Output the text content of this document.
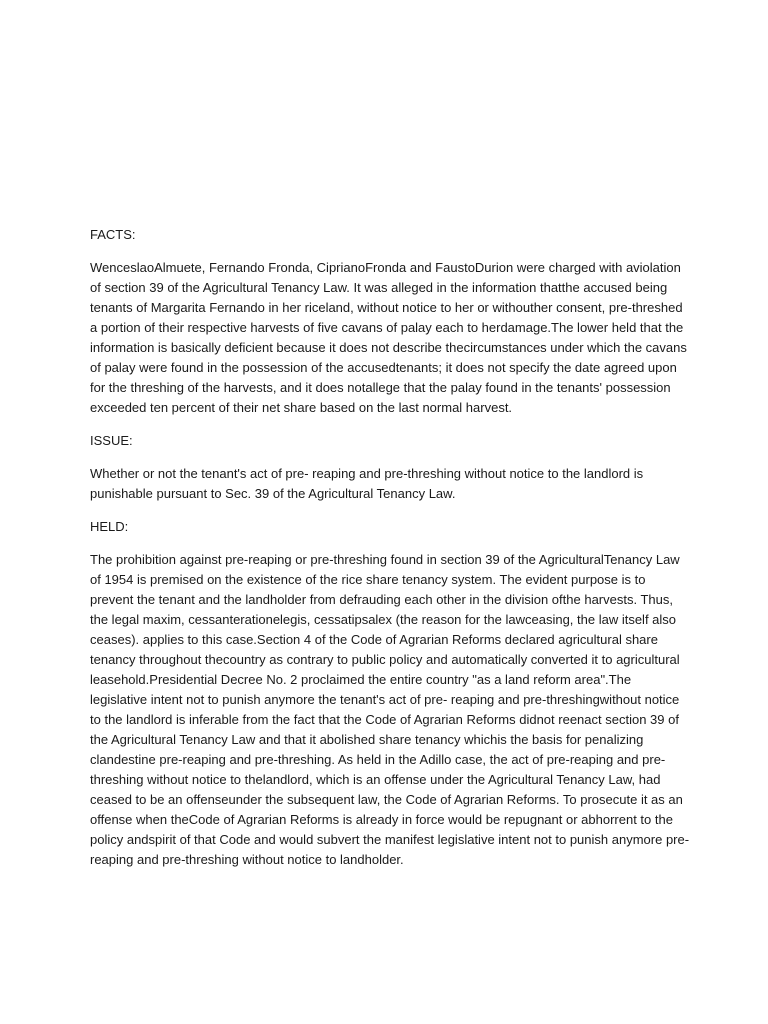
FACTS:
WenceslaoAlmuete, Fernando Fronda, CiprianoFronda and FaustoDurion were charged with aviolation of section 39 of the Agricultural Tenancy Law. It was alleged in the information thatthe accused being tenants of Margarita Fernando in her riceland, without notice to her or withouther consent, pre-threshed a portion of their respective harvests of five cavans of palay each to herdamage.The lower held that the information is basically deficient because it does not describe thecircumstances under which the cavans of palay were found in the possession of the accusedtenants; it does not specify the date agreed upon for the threshing of the harvests, and it does notallege that the palay found in the tenants' possession exceeded ten percent of their net share based on the last normal harvest.
ISSUE:
Whether or not the tenant's act of pre- reaping and pre-threshing without notice to the landlord is punishable pursuant to Sec. 39 of the Agricultural Tenancy Law.
HELD:
The prohibition against pre-reaping or pre-threshing found in section 39 of the AgriculturalTenancy Law of 1954 is premised on the existence of the rice share tenancy system. The evident purpose is to prevent the tenant and the landholder from defrauding each other in the division ofthe harvests. Thus, the legal maxim, cessanterationelegis, cessatipsalex (the reason for the lawceasing, the law itself also ceases). applies to this case.Section 4 of the Code of Agrarian Reforms declared agricultural share tenancy throughout thecountry as contrary to public policy and automatically converted it to agricultural leasehold.Presidential Decree No. 2 proclaimed the entire country "as a land reform area".The legislative intent not to punish anymore the tenant's act of pre- reaping and pre-threshingwithout notice to the landlord is inferable from the fact that the Code of Agrarian Reforms didnot reenact section 39 of the Agricultural Tenancy Law and that it abolished share tenancy whichis the basis for penalizing clandestine pre-reaping and pre-threshing. As held in the Adillo case, the act of pre-reaping and pre-threshing without notice to thelandlord, which is an offense under the Agricultural Tenancy Law, had ceased to be an offenseunder the subsequent law, the Code of Agrarian Reforms. To prosecute it as an offense when theCode of Agrarian Reforms is already in force would be repugnant or abhorrent to the policy andspirit of that Code and would subvert the manifest legislative intent not to punish anymore pre-reaping and pre-threshing without notice to landholder.
